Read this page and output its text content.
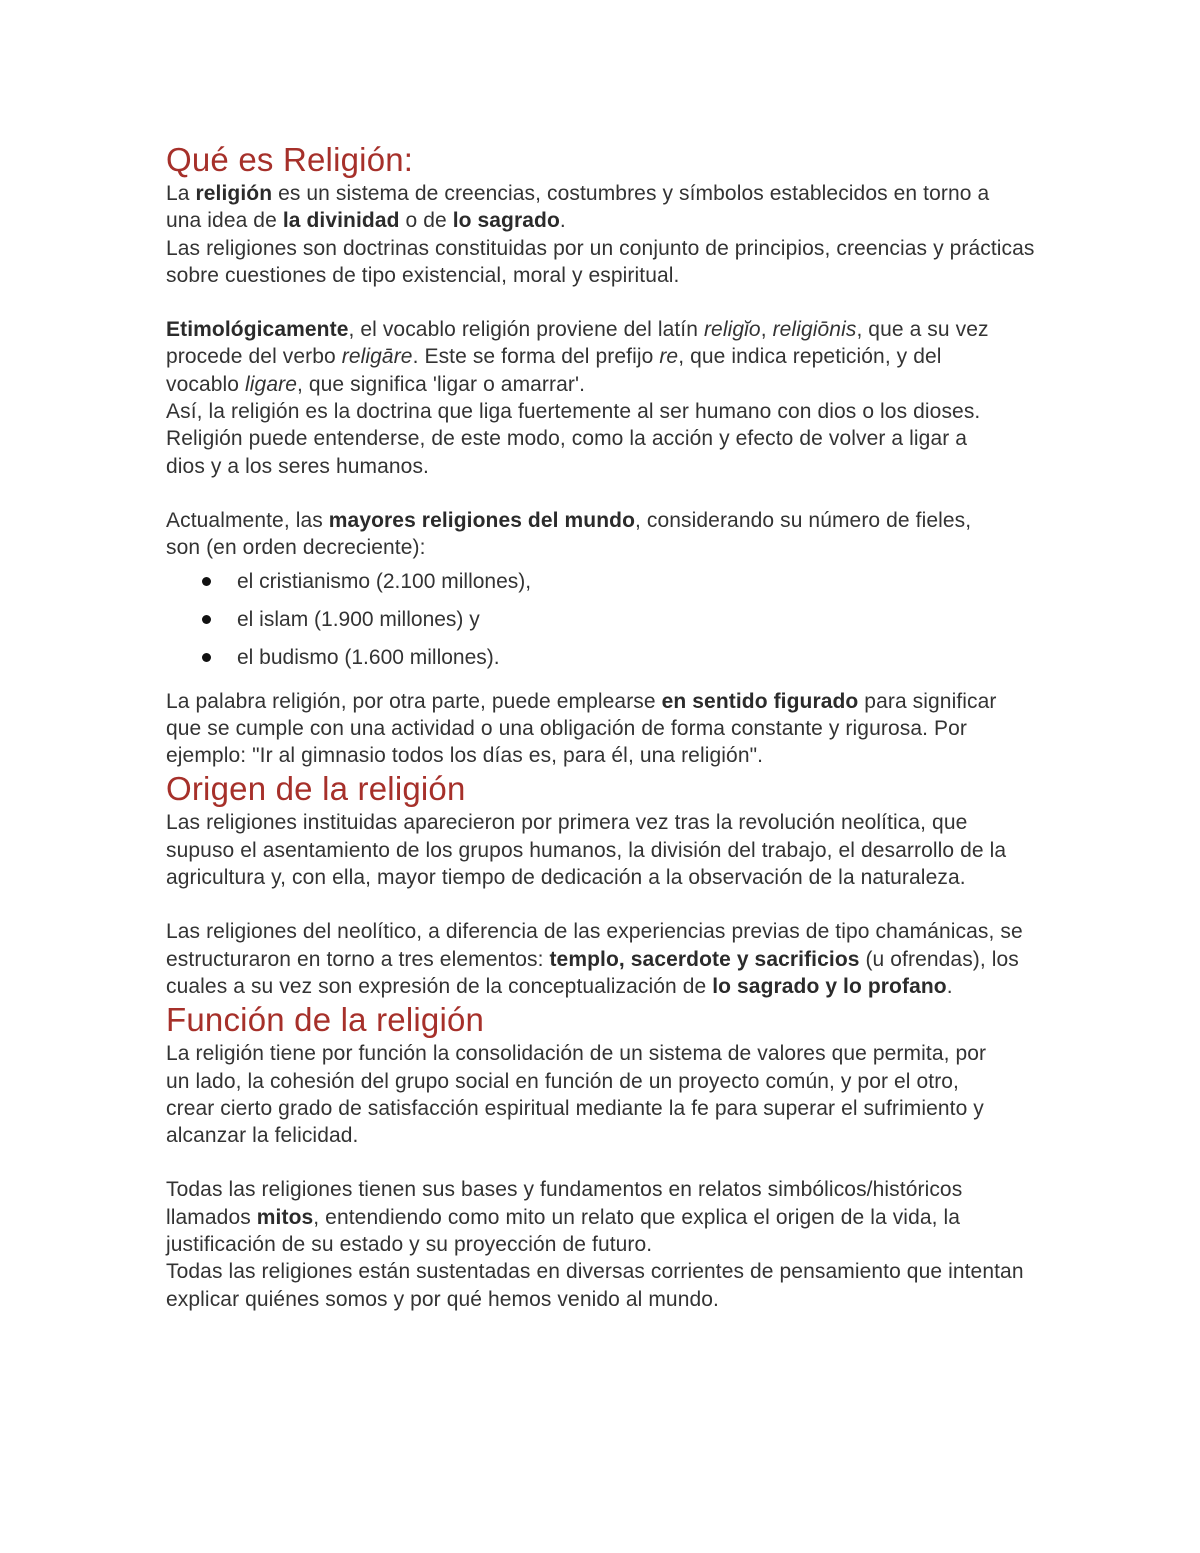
Qué es Religión:

La religión es un sistema de creencias, costumbres y símbolos establecidos en torno a una idea de la divinidad o de lo sagrado.

Las religiones son doctrinas constituidas por un conjunto de principios, creencias y prácticas sobre cuestiones de tipo existencial, moral y espiritual.

Etimológicamente, el vocablo religión proviene del latín religĭo, religiōnis, que a su vez procede del verbo religāre. Este se forma del prefijo re, que indica repetición, y del vocablo ligare, que significa 'ligar o amarrar'.

Así, la religión es la doctrina que liga fuertemente al ser humano con dios o los dioses. Religión puede entenderse, de este modo, como la acción y efecto de volver a ligar a dios y a los seres humanos.

Actualmente, las mayores religiones del mundo, considerando su número de fieles, son (en orden decreciente):

el cristianismo (2.100 millones),
el islam (1.900 millones) y
el budismo (1.600 millones).

La palabra religión, por otra parte, puede emplearse en sentido figurado para significar que se cumple con una actividad o una obligación de forma constante y rigurosa. Por ejemplo: "Ir al gimnasio todos los días es, para él, una religión".

Origen de la religión

Las religiones instituidas aparecieron por primera vez tras la revolución neolítica, que supuso el asentamiento de los grupos humanos, la división del trabajo, el desarrollo de la agricultura y, con ella, mayor tiempo de dedicación a la observación de la naturaleza.

Las religiones del neolítico, a diferencia de las experiencias previas de tipo chamánicas, se estructuraron en torno a tres elementos: templo, sacerdote y sacrificios (u ofrendas), los cuales a su vez son expresión de la conceptualización de lo sagrado y lo profano.

Función de la religión

La religión tiene por función la consolidación de un sistema de valores que permita, por un lado, la cohesión del grupo social en función de un proyecto común, y por el otro, crear cierto grado de satisfacción espiritual mediante la fe para superar el sufrimiento y alcanzar la felicidad.

Todas las religiones tienen sus bases y fundamentos en relatos simbólicos/históricos llamados mitos, entendiendo como mito un relato que explica el origen de la vida, la justificación de su estado y su proyección de futuro.

Todas las religiones están sustentadas en diversas corrientes de pensamiento que intentan explicar quiénes somos y por qué hemos venido al mundo.
